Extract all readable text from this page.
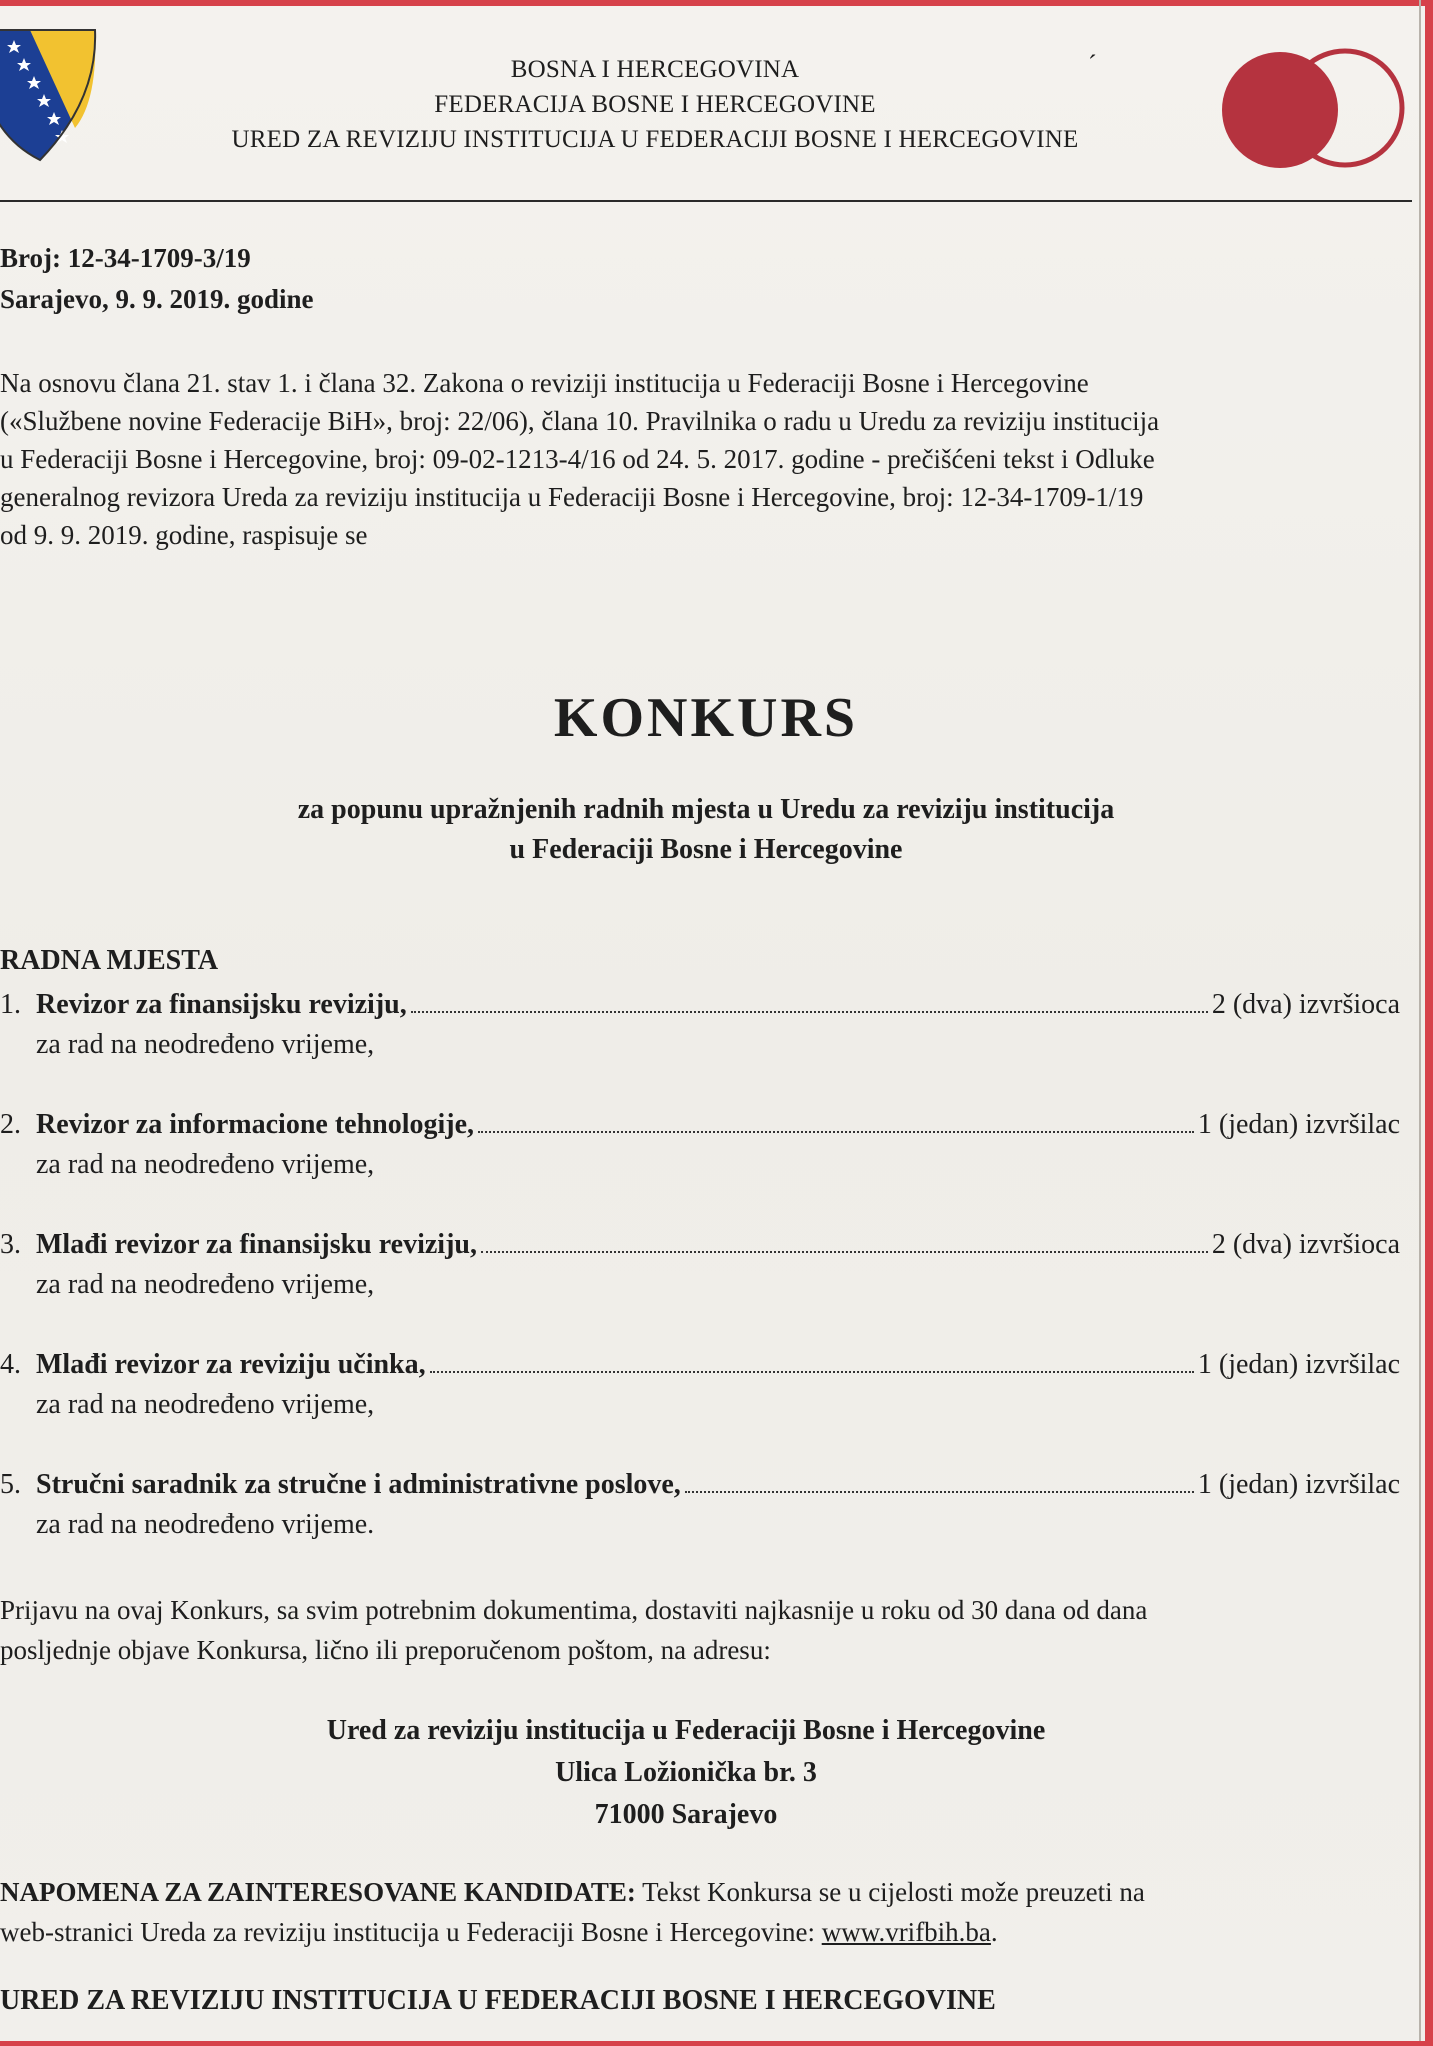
BOSNA I HERCEGOVINA
FEDERACIJA BOSNE I HERCEGOVINE
URED ZA REVIZIJU INSTITUCIJA U FEDERACIJI BOSNE I HERCEGOVINE
ˊ
Broj: 12-34-1709-3/19
Sarajevo, 9. 9. 2019. godine
Na osnovu člana 21. stav 1. i člana 32. Zakona o reviziji institucija u Federaciji Bosne i Hercegovine
(«Službene novine Federacije BiH», broj: 22/06), člana 10. Pravilnika o radu u Uredu za reviziju institucija
u Federaciji Bosne i Hercegovine, broj: 09-02-1213-4/16 od 24. 5. 2017. godine - prečišćeni tekst i Odluke
generalnog revizora Ureda za reviziju institucija u Federaciji Bosne i Hercegovine, broj: 12-34-1709-1/19
od 9. 9. 2019. godine, raspisuje se
KONKURS
za popunu upražnjenih radnih mjesta u Uredu za reviziju institucija
u Federaciji Bosne i Hercegovine
RADNA MJESTA
1. Revizor za finansijsku reviziju,	2 (dva) izvršioca
za rad na neodređeno vrijeme,
2. Revizor za informacione tehnologije,	1 (jedan) izvršilac
za rad na neodređeno vrijeme,
3. Mlađi revizor za finansijsku reviziju,	2 (dva) izvršioca
za rad na neodređeno vrijeme,
4. Mlađi revizor za reviziju učinka,	1 (jedan) izvršilac
za rad na neodređeno vrijeme,
5. Stručni saradnik za stručne i administrativne poslove,	1 (jedan) izvršilac
za rad na neodređeno vrijeme.
Prijavu na ovaj Konkurs, sa svim potrebnim dokumentima, dostaviti najkasnije u roku od 30 dana od dana
posljednje objave Konkursa, lično ili preporučenom poštom, na adresu:
Ured za reviziju institucija u Federaciji Bosne i Hercegovine
Ulica Ložionička br. 3
71000 Sarajevo
NAPOMENA ZA ZAINTERESOVANE KANDIDATE: Tekst Konkursa se u cijelosti može preuzeti na
web-stranici Ureda za reviziju institucija u Federaciji Bosne i Hercegovine: www.vrifbih.ba.
URED ZA REVIZIJU INSTITUCIJA U FEDERACIJI BOSNE I HERCEGOVINE
